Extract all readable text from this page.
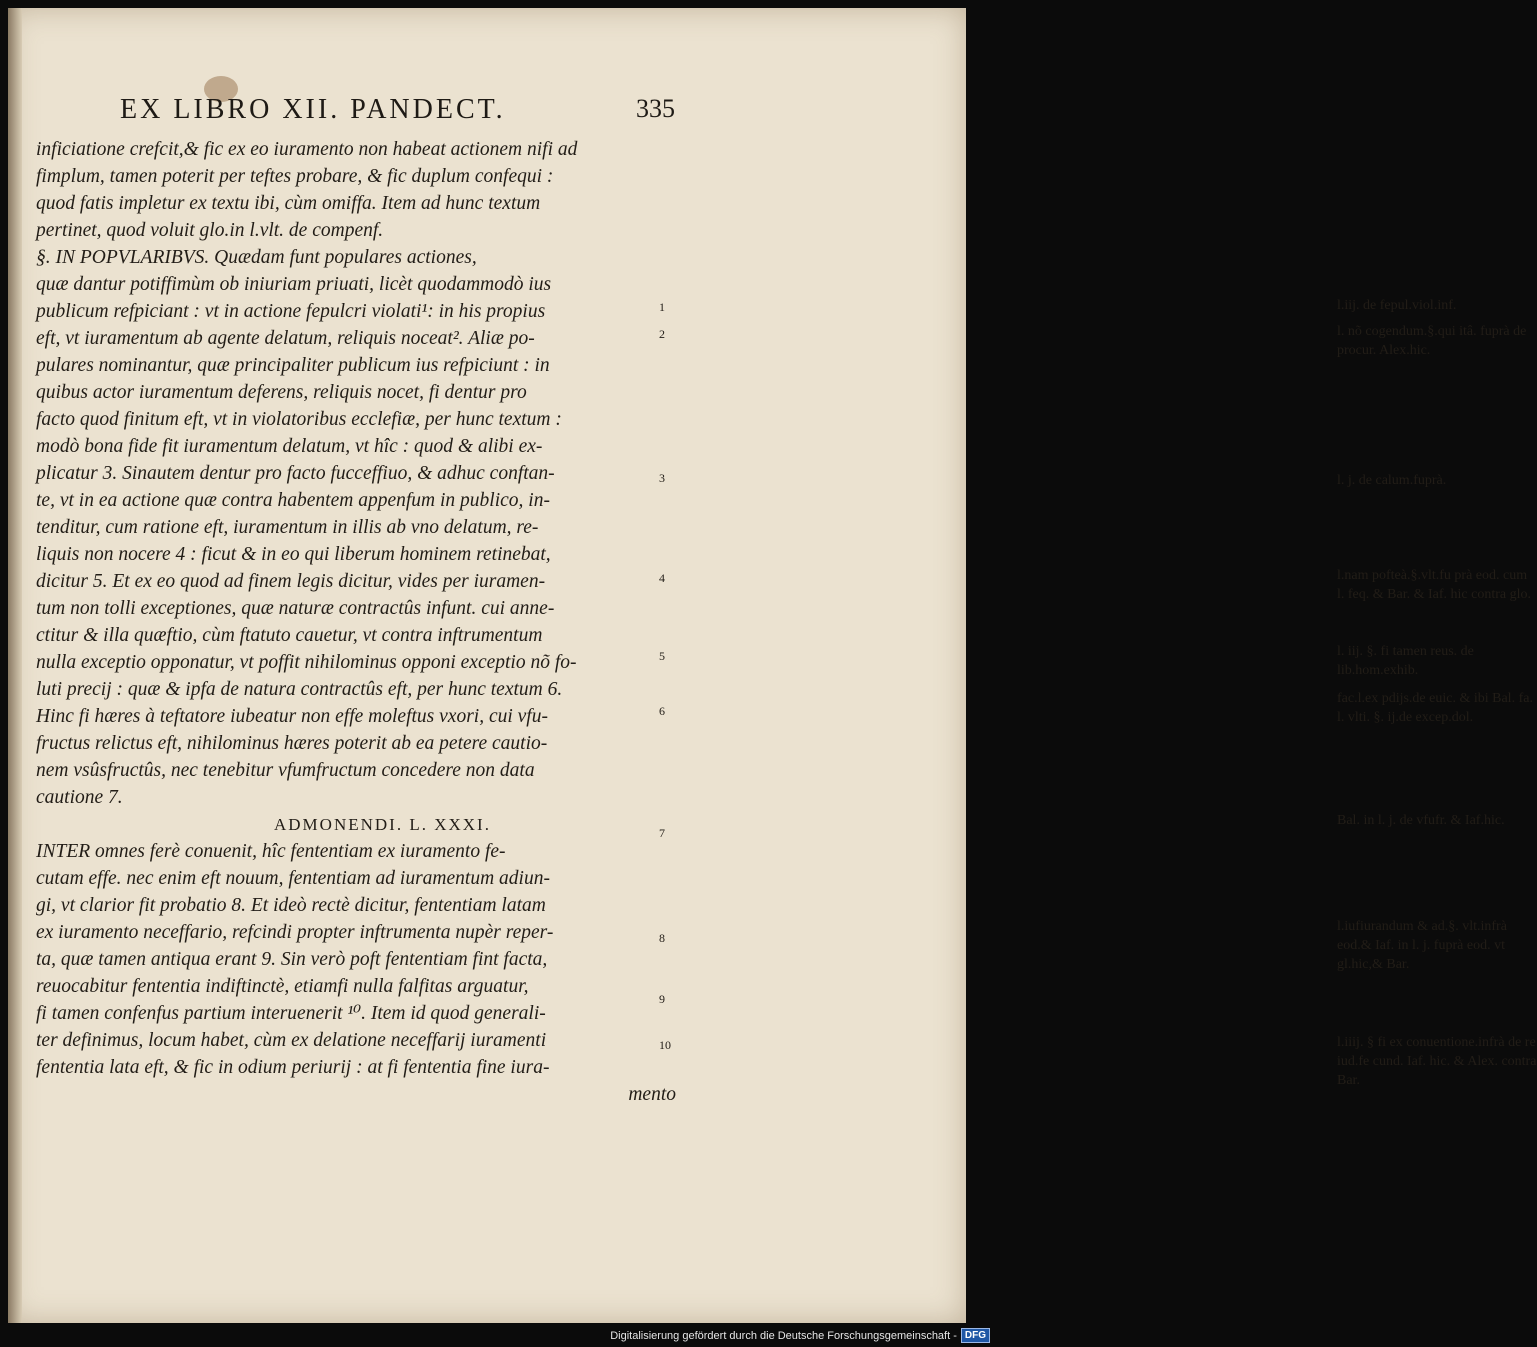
EX LIBRO XII. PANDECT.	335
inficiatione crefcit,& fic ex eo iuramento non habeat actionem nifi ad
fimplum, tamen poterit per teftes probare, & fic duplum confequi :
quod fatis impletur ex textu ibi, cùm omiffa. Item ad hunc textum
pertinet, quod voluit glo.in l.vlt. de compenf.
§. IN POPVLARIBVS. Quædam funt populares actiones,
quæ dantur potiffimùm ob iniuriam priuati, licèt quodammodò ius
publicum refpiciant : vt in actione fepulcri violati¹: in his propius
eft, vt iuramentum ab agente delatum, reliquis noceat². Aliæ po-
pulares nominantur, quæ principaliter publicum ius refpiciunt : in
quibus actor iuramentum deferens, reliquis nocet, fi dentur pro
facto quod finitum eft, vt in violatoribus ecclefiæ, per hunc textum :
modò bona fide fit iuramentum delatum, vt hîc : quod & alibi ex-
plicatur 3. Sinautem dentur pro facto fucceffiuo, & adhuc conftan-
te, vt in ea actione quæ contra habentem appenfum in publico, in-
tenditur, cum ratione eft, iuramentum in illis ab vno delatum, re-
liquis non nocere 4 : ficut & in eo qui liberum hominem retinebat,
dicitur 5. Et ex eo quod ad finem legis dicitur, vides per iuramen-
tum non tolli exceptiones, quæ naturæ contractûs infunt. cui anne-
ctitur & illa quæftio, cùm ftatuto cauetur, vt contra inftrumentum
nulla exceptio opponatur, vt poffit nihilominus opponi exceptio nõ fo-
luti precij : quæ & ipfa de natura contractûs eft, per hunc textum 6.
Hinc fi hæres à teftatore iubeatur non effe moleftus vxori, cui vfu-
fructus relictus eft, nihilominus hæres poterit ab ea petere cautio-
nem vsûsfructûs, nec tenebitur vfumfructum concedere non data
cautione 7.
ADMONENDI. L. XXXI.
INTER omnes ferè conuenit, hîc fententiam ex iuramento fe-
cutam effe. nec enim eft nouum, fententiam ad iuramentum adiun-
gi, vt clarior fit probatio 8. Et ideò rectè dicitur, fententiam latam
ex iuramento neceffario, refcindi propter inftrumenta nupèr reper-
ta, quæ tamen antiqua erant 9. Sin verò poft fententiam fint facta,
reuocabitur fententia indiftinctè, etiamfi nulla falfitas arguatur,
fi tamen confenfus partium interuenerit ¹⁰. Item id quod generali-
ter definimus, locum habet, cùm ex delatione neceffarij iuramenti
fententia lata eft, & fic in odium periurij : at fi fententia fine iura-
mento
1
2
3
4
5
6
7
8
9
10
l.iij. de fepul.viol.inf.
l. nõ cogendum.§.qui itâ. fuprà de procur. Alex.hic.
l. j. de calum.fuprà.
l.nam pofteà.§.vlt.fu prà eod. cum l. feq. & Bar. & Iaf. hic contra glo.
l. iij. §. fi tamen reus. de lib.hom.exhib.
fac.l.ex pdijs.de euic. & ibi Bal. fa. l. vlti. §. ij.de excep.dol.
Bal. in l. j. de vfufr. & Iaf.hic.
l.iufiurandum & ad.§. vlt.infrà eod.& Iaf. in l. j. fuprà eod. vt gl.hic,& Bar.
l.iiij. § fi ex conuentione.infrà de re iud.fe cund. Iaf. hic. & Alex. contra Bar.
Digitalisierung gefördert durch die Deutsche Forschungsgemeinschaft - DFG
